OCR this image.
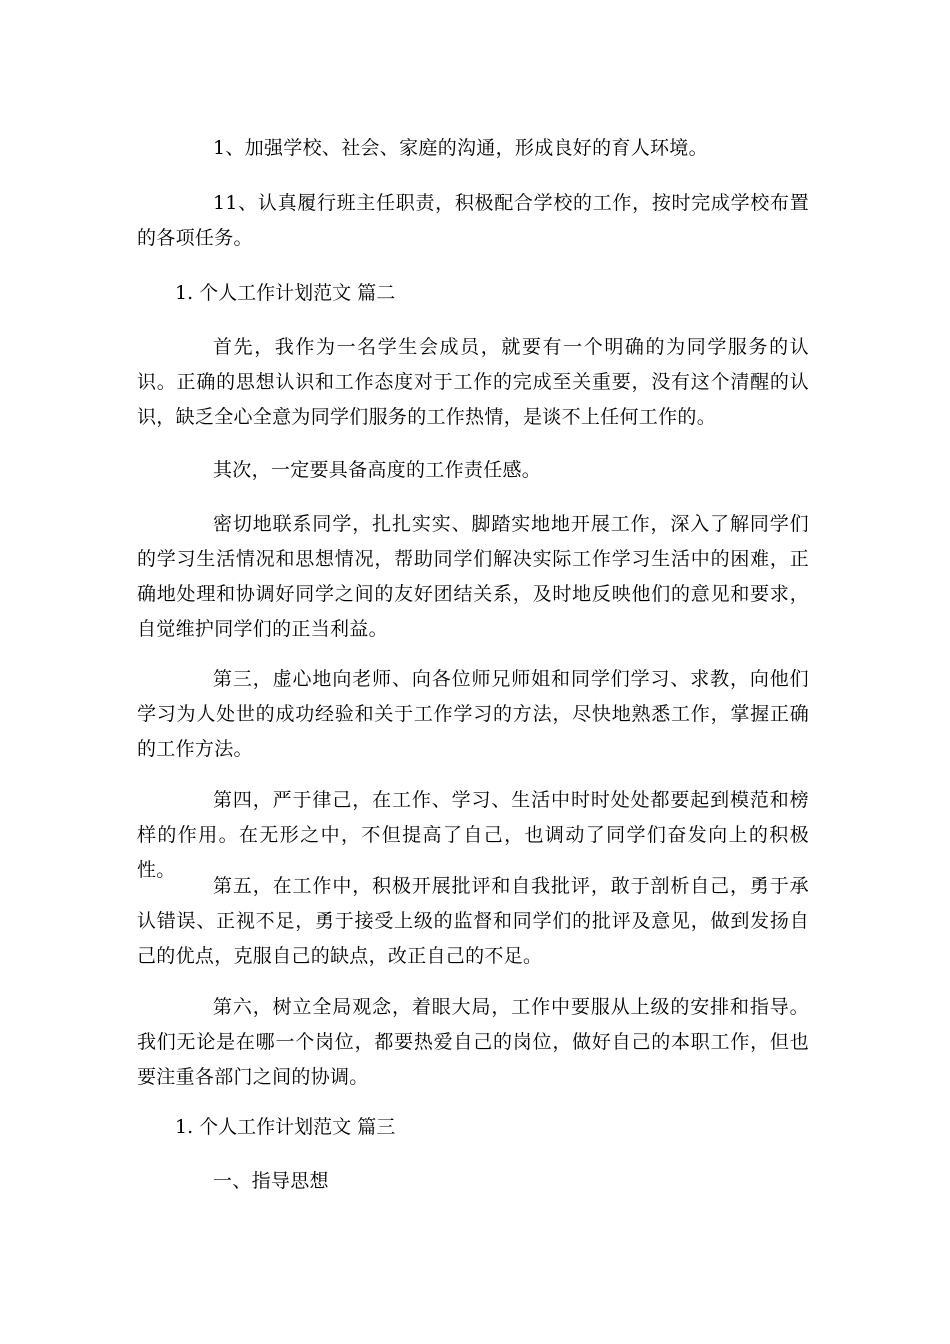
1、加强学校、社会、家庭的沟通，形成良好的育人环境。

11、认真履行班主任职责，积极配合学校的工作，按时完成学校布置的各项任务。

1. 个人工作计划范文 篇二

首先，我作为一名学生会成员，就要有一个明确的为同学服务的认识。正确的思想认识和工作态度对于工作的完成至关重要，没有这个清醒的认识，缺乏全心全意为同学们服务的工作热情，是谈不上任何工作的。

其次，一定要具备高度的工作责任感。

密切地联系同学，扎扎实实、脚踏实地地开展工作，深入了解同学们的学习生活情况和思想情况，帮助同学们解决实际工作学习生活中的困难，正确地处理和协调好同学之间的友好团结关系，及时地反映他们的意见和要求，自觉维护同学们的正当利益。

第三，虚心地向老师、向各位师兄师姐和同学们学习、求教，向他们学习为人处世的成功经验和关于工作学习的方法，尽快地熟悉工作，掌握正确的工作方法。

第四，严于律己，在工作、学习、生活中时时处处都要起到模范和榜样的作用。在无形之中，不但提高了自己，也调动了同学们奋发向上的积极性。

第五，在工作中，积极开展批评和自我批评，敢于剖析自己，勇于承认错误、正视不足，勇于接受上级的监督和同学们的批评及意见，做到发扬自己的优点，克服自己的缺点，改正自己的不足。

第六，树立全局观念，着眼大局，工作中要服从上级的安排和指导。我们无论是在哪一个岗位，都要热爱自己的岗位，做好自己的本职工作，但也要注重各部门之间的协调。

1. 个人工作计划范文 篇三

一、指导思想
